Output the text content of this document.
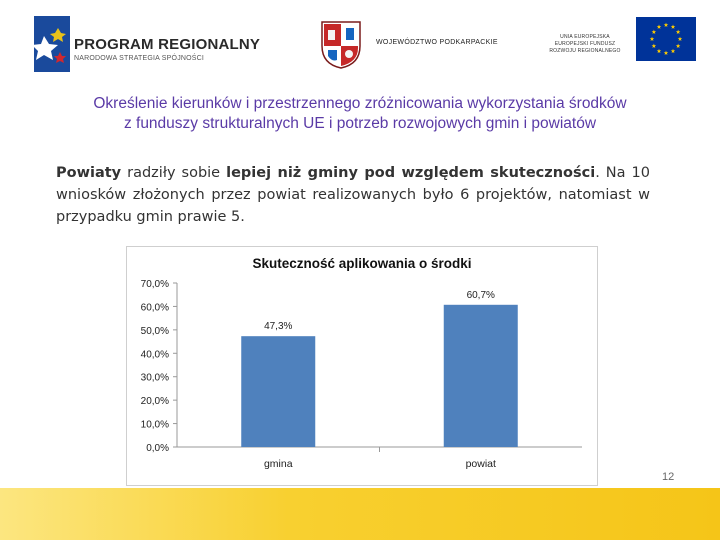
PROGRAM REGIONALNY
NARODOWA STRATEGIA SPÓJNOŚCI
WOJEWÓDZTWO PODKARPACKIE
UNIA EUROPEJSKA
EUROPEJSKI FUNDUSZ
ROZWOJU REGIONALNEGO
Określenie kierunków i przestrzennego zróżnicowania wykorzystania środków
z funduszy strukturalnych UE i potrzeb rozwojowych gmin i powiatów
Powiaty radziły sobie lepiej niż gminy pod względem skuteczności. Na 10 wniosków złożonych przez powiat realizowanych było 6 projektów, natomiast w przypadku gmin prawie 5.
Skuteczność aplikowania o środki
0,0%
10,0%
20,0%
30,0%
40,0%
50,0%
60,0%
70,0%
47,3%
gmina
60,7%
powiat
12
